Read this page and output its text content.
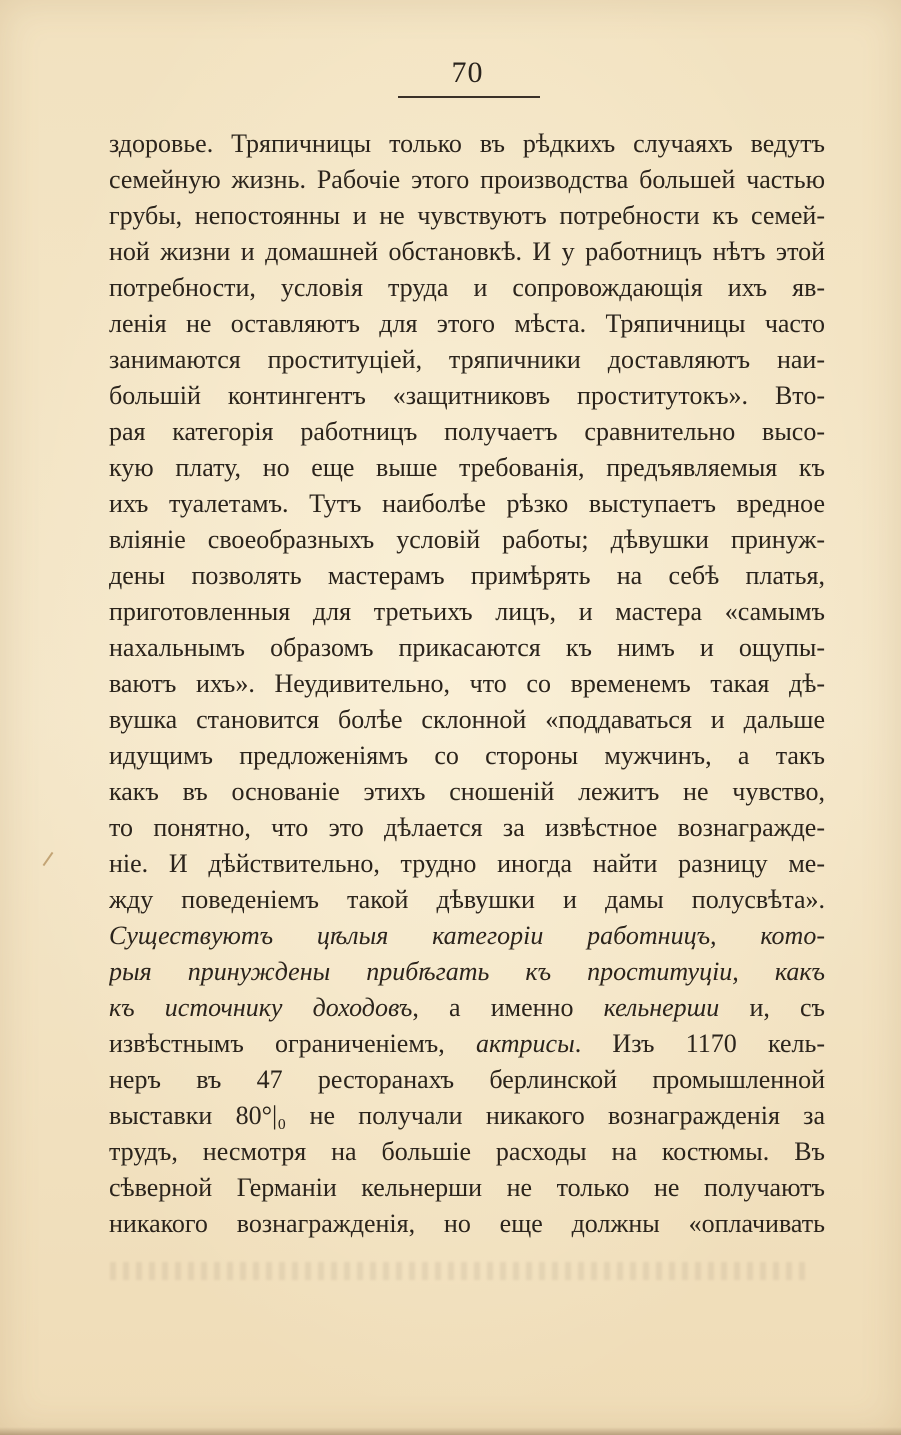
70
здоровье. Тряпичницы только въ рѣдкихъ случаяхъ ведутъ
семейную жизнь. Рабочіе этого производства большей частью
грубы, непостоянны и не чувствуютъ потребности къ семей-
ной жизни и домашней обстановкѣ. И у работницъ нѣтъ этой
потребности, условія труда и сопровождающія ихъ яв-
ленія не оставляютъ для этого мѣста. Тряпичницы часто
занимаются проституціей, тряпичники доставляютъ наи-
большій контингентъ «защитниковъ проститутокъ». Вто-
рая категорія работницъ получаетъ сравнительно высо-
кую плату, но еще выше требованія, предъявляемыя къ
ихъ туалетамъ. Тутъ наиболѣе рѣзко выступаетъ вредное
вліяніе своеобразныхъ условій работы; дѣвушки принуж-
дены позволять мастерамъ примѣрять на себѣ платья,
приготовленныя для третьихъ лицъ, и мастера «самымъ
нахальнымъ образомъ прикасаются къ нимъ и ощупы-
ваютъ ихъ». Неудивительно, что со временемъ такая дѣ-
вушка становится болѣе склонной «поддаваться и дальше
идущимъ предложеніямъ со стороны мужчинъ, а такъ
какъ въ основаніе этихъ сношеній лежитъ не чувство,
то понятно, что это дѣлается за извѣстное вознагражде-
ніе. И дѣйствительно, трудно иногда найти разницу ме-
жду поведеніемъ такой дѣвушки и дамы полусвѣта».
Существуютъ цѣлыя категоріи работницъ, кото-
рыя принуждены прибѣгать къ проституціи, какъ
къ источнику доходовъ, а именно кельнерши и, съ
извѣстнымъ ограниченіемъ, актрисы. Изъ 1170 кель-
неръ въ 47 ресторанахъ берлинской промышленной
выставки 80°|₀ не получали никакого вознагражденія за
трудъ, несмотря на большіе расходы на костюмы. Въ
сѣверной Германіи кельнерши не только не получаютъ
никакого вознагражденія, но еще должны «оплачивать
